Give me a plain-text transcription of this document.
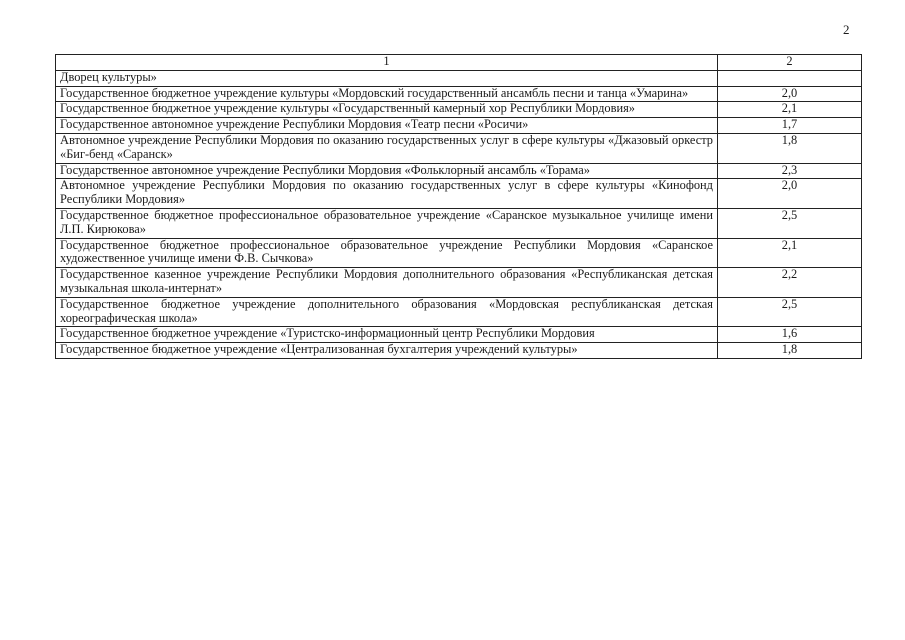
2
1	2
Дворец культуры»	
Государственное бюджетное учреждение культуры «Мордовский государственный ансамбль песни и танца «Умарина»	2,0
Государственное бюджетное учреждение культуры «Государственный камерный хор Республики Мордовия»	2,1
Государственное автономное учреждение Республики Мордовия «Театр песни «Росичи»	1,7
Автономное учреждение Республики Мордовия по оказанию государственных услуг в сфере культуры «Джазовый оркестр «Биг-бенд «Саранск»	1,8
Государственное автономное учреждение Республики Мордовия «Фольклорный ансамбль «Торама»	2,3
Автономное учреждение Республики Мордовия по оказанию государственных услуг в сфере культуры «Кинофонд Республики Мордовия»	2,0
Государственное бюджетное профессиональное образовательное учреждение «Саранское музыкальное училище имени Л.П. Кирюкова»	2,5
Государственное бюджетное профессиональное образовательное учреждение Республики Мордовия «Саранское художественное училище имени Ф.В. Сычкова»	2,1
Государственное казенное учреждение Республики Мордовия дополнительного образования «Республиканская детская музыкальная школа-интернат»	2,2
Государственное бюджетное учреждение дополнительного образования «Мордовская республиканская детская хореографическая школа»	2,5
Государственное бюджетное учреждение «Туристско-информационный центр Республики Мордовия	1,6
Государственное бюджетное учреждение «Централизованная бухгалтерия учреждений культуры»	1,8
